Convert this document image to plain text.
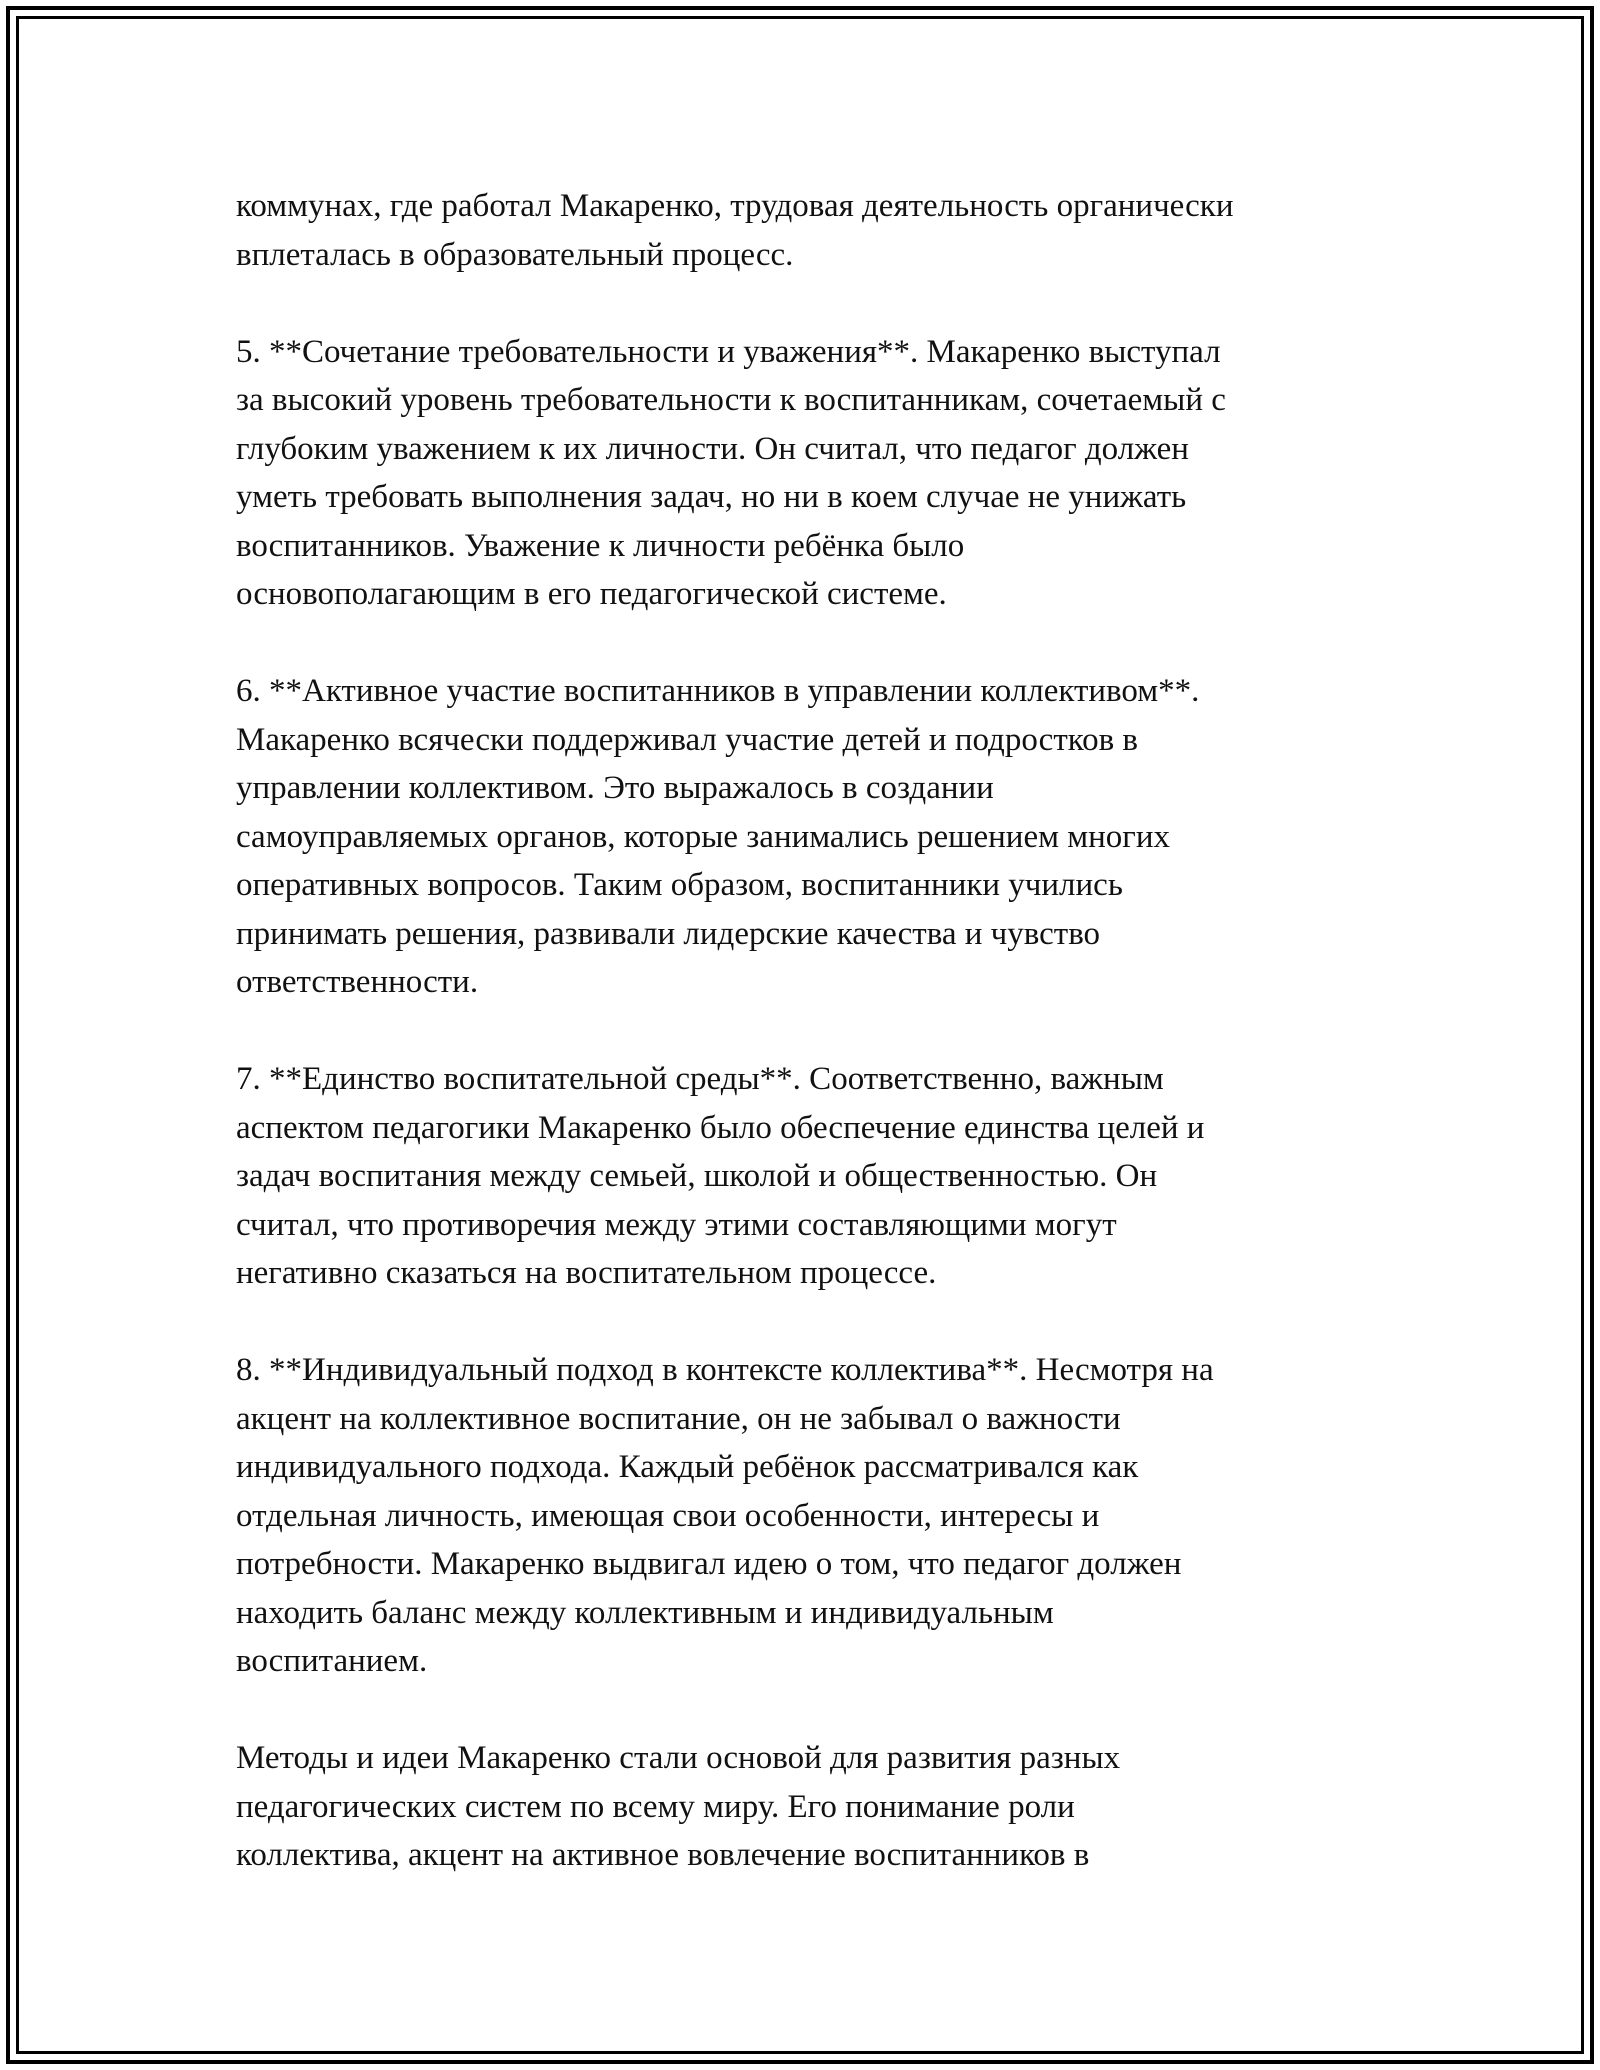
коммунах, где работал Макаренко, трудовая деятельность органически
вплеталась в образовательный процесс.

5. **Сочетание требовательности и уважения**. Макаренко выступал
за высокий уровень требовательности к воспитанникам, сочетаемый с
глубоким уважением к их личности. Он считал, что педагог должен
уметь требовать выполнения задач, но ни в коем случае не унижать
воспитанников. Уважение к личности ребёнка было
основополагающим в его педагогической системе.

6. **Активное участие воспитанников в управлении коллективом**.
Макаренко всячески поддерживал участие детей и подростков в
управлении коллективом. Это выражалось в создании
самоуправляемых органов, которые занимались решением многих
оперативных вопросов. Таким образом, воспитанники учились
принимать решения, развивали лидерские качества и чувство
ответственности.

7. **Единство воспитательной среды**. Соответственно, важным
аспектом педагогики Макаренко было обеспечение единства целей и
задач воспитания между семьей, школой и общественностью. Он
считал, что противоречия между этими составляющими могут
негативно сказаться на воспитательном процессе.

8. **Индивидуальный подход в контексте коллектива**. Несмотря на
акцент на коллективное воспитание, он не забывал о важности
индивидуального подхода. Каждый ребёнок рассматривался как
отдельная личность, имеющая свои особенности, интересы и
потребности. Макаренко выдвигал идею о том, что педагог должен
находить баланс между коллективным и индивидуальным
воспитанием.

Методы и идеи Макаренко стали основой для развития разных
педагогических систем по всему миру. Его понимание роли
коллектива, акцент на активное вовлечение воспитанников в
